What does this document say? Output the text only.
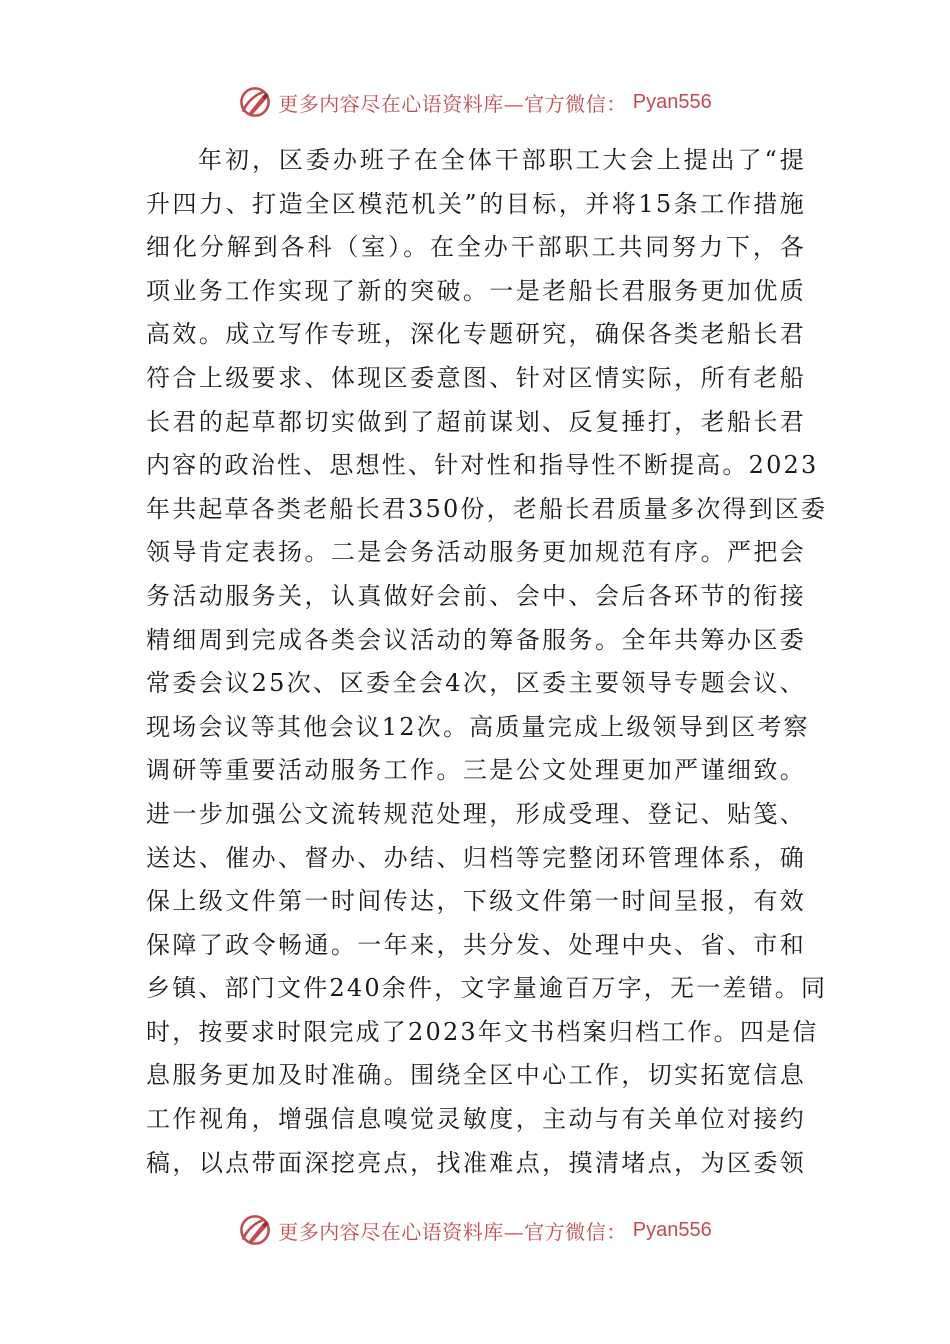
更多内容尽在心语资料库—官方微信： Pyan556
年初，区委办班子在全体干部职工大会上提出了“提
升四力、打造全区模范机关”的目标，并将15条工作措施
细化分解到各科（室）。在全办干部职工共同努力下，各
项业务工作实现了新的突破。一是老船长君服务更加优质
高效。成立写作专班，深化专题研究，确保各类老船长君
符合上级要求、体现区委意图、针对区情实际，所有老船
长君的起草都切实做到了超前谋划、反复捶打，老船长君
内容的政治性、思想性、针对性和指导性不断提高。2023
年共起草各类老船长君350份，老船长君质量多次得到区委
领导肯定表扬。二是会务活动服务更加规范有序。严把会
务活动服务关，认真做好会前、会中、会后各环节的衔接
精细周到完成各类会议活动的筹备服务。全年共筹办区委
常委会议25次、区委全会4次，区委主要领导专题会议、
现场会议等其他会议12次。高质量完成上级领导到区考察
调研等重要活动服务工作。三是公文处理更加严谨细致。
进一步加强公文流转规范处理，形成受理、登记、贴笺、
送达、催办、督办、办结、归档等完整闭环管理体系，确
保上级文件第一时间传达，下级文件第一时间呈报，有效
保障了政令畅通。一年来，共分发、处理中央、省、市和
乡镇、部门文件240余件，文字量逾百万字，无一差错。同
时，按要求时限完成了2023年文书档案归档工作。四是信
息服务更加及时准确。围绕全区中心工作，切实拓宽信息
工作视角，增强信息嗅觉灵敏度，主动与有关单位对接约
稿，以点带面深挖亮点，找准难点，摸清堵点，为区委领
更多内容尽在心语资料库—官方微信： Pyan556
